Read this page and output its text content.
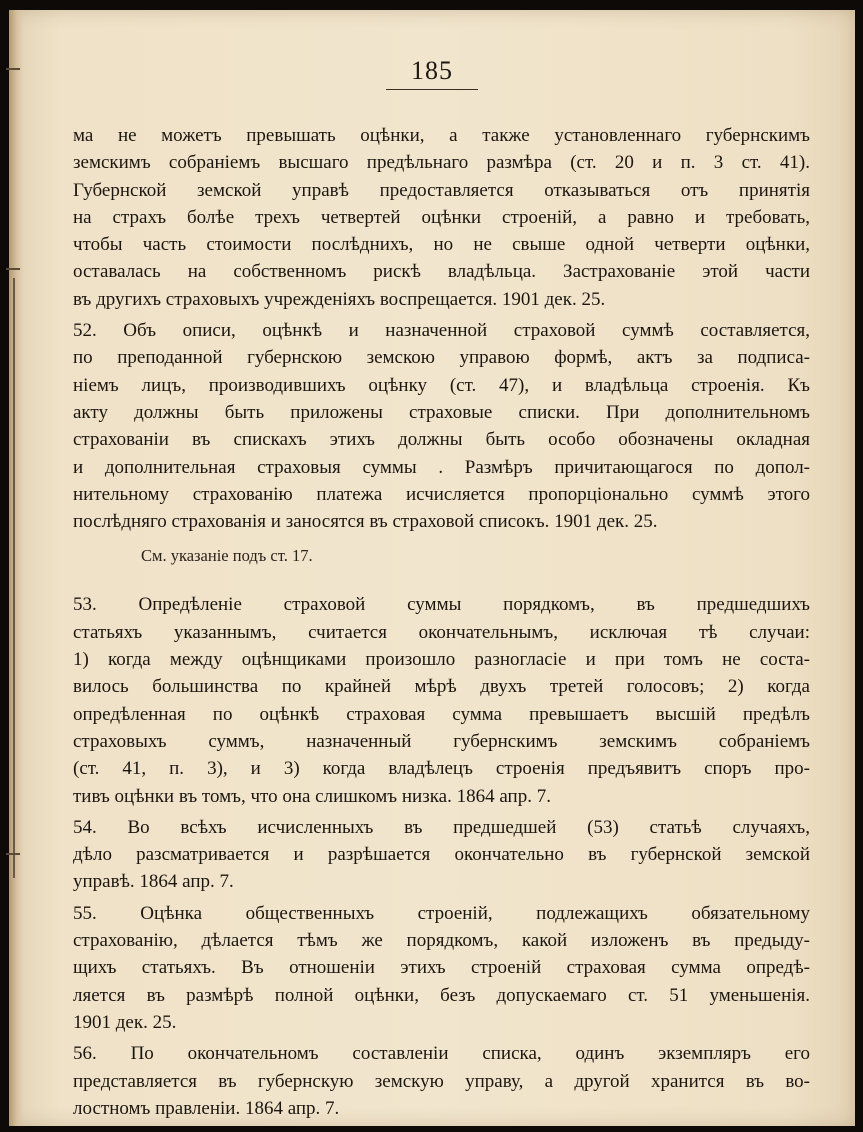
185
ма не можетъ превышать оцѣнки, а также установленнаго губернскимъ
земскимъ собраніемъ высшаго предѣльнаго размѣра (ст. 20 и п. 3 ст. 41).
Губернской земской управѣ предоставляется отказываться отъ принятія
на страхъ болѣе трехъ четвертей оцѣнки строеній, а равно и требовать,
чтобы часть стоимости послѣднихъ, но не свыше одной четверти оцѣнки,
оставалась на собственномъ рискѣ владѣльца. Застрахованіе этой части
въ другихъ страховыхъ учрежденіяхъ воспрещается. 1901 дек. 25.
52. Объ описи, оцѣнкѣ и назначенной страховой суммѣ составляется,
по преподанной губернскою земскою управою формѣ, актъ за подписа-
ніемъ лицъ, производившихъ оцѣнку (ст. 47), и владѣльца строенія. Къ
акту должны быть приложены страховые списки. При дополнительномъ
страхованіи въ спискахъ этихъ должны быть особо обозначены окладная
и дополнительная страховыя суммы . Размѣръ причитающагося по допол-
нительному страхованію платежа исчисляется пропорціонально суммѣ этого
послѣдняго страхованія и заносятся въ страховой списокъ. 1901 дек. 25.
См. указаніе подъ ст. 17.
53. Опредѣленіе страховой суммы порядкомъ, въ предшедшихъ
статьяхъ указаннымъ, считается окончательнымъ, исключая тѣ случаи:
1) когда между оцѣнщиками произошло разногласіе и при томъ не соста-
вилось большинства по крайней мѣрѣ двухъ третей голосовъ; 2) когда
опредѣленная по оцѣнкѣ страховая сумма превышаетъ высшій предѣлъ
страховыхъ суммъ, назначенный губернскимъ земскимъ собраніемъ
(ст. 41, п. 3), и 3) когда владѣлецъ строенія предъявитъ споръ про-
тивъ оцѣнки въ томъ, что она слишкомъ низка. 1864 апр. 7.
54. Во всѣхъ исчисленныхъ въ предшедшей (53) статьѣ случаяхъ,
дѣло разсматривается и разрѣшается окончательно въ губернской земской
управѣ. 1864 апр. 7.
55. Оцѣнка общественныхъ строеній, подлежащихъ обязательному
страхованію, дѣлается тѣмъ же порядкомъ, какой изложенъ въ предыду-
щихъ статьяхъ. Въ отношеніи этихъ строеній страховая сумма опредѣ-
ляется въ размѣрѣ полной оцѣнки, безъ допускаемаго ст. 51 уменьшенія.
1901 дек. 25.
56. По окончательномъ составленіи списка, одинъ экземпляръ его
представляется въ губернскую земскую управу, а другой хранится въ во-
лостномъ правленіи. 1864 апр. 7.
